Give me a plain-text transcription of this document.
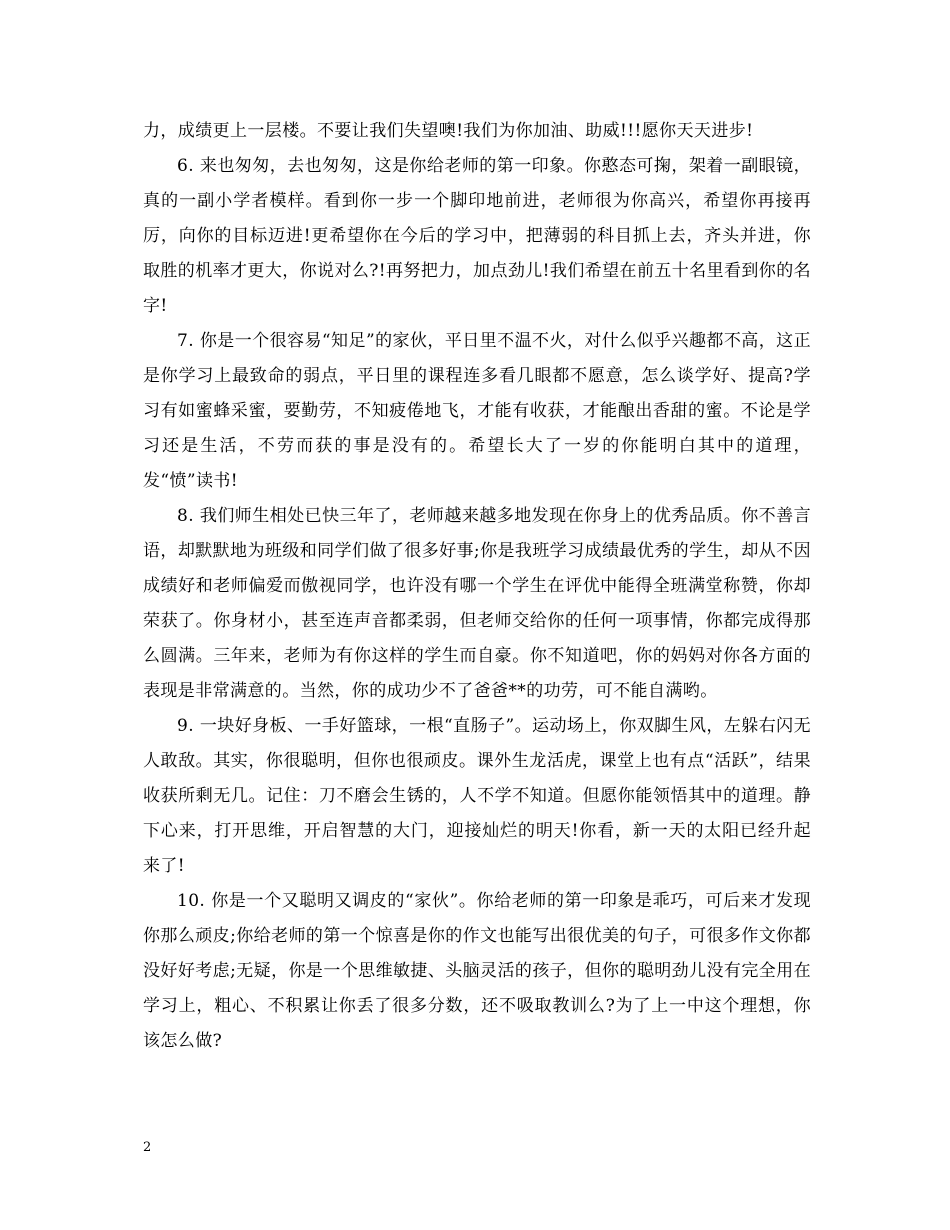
力，成绩更上一层楼。不要让我们失望噢!我们为你加油、助威!!!愿你天天进步!

6. 来也匆匆，去也匆匆，这是你给老师的第一印象。你憨态可掬，架着一副眼镜，真的一副小学者模样。看到你一步一个脚印地前进，老师很为你高兴，希望你再接再厉，向你的目标迈进!更希望你在今后的学习中，把薄弱的科目抓上去，齐头并进，你取胜的机率才更大，你说对么?!再努把力，加点劲儿!我们希望在前五十名里看到你的名字!

7. 你是一个很容易“知足”的家伙，平日里不温不火，对什么似乎兴趣都不高，这正是你学习上最致命的弱点，平日里的课程连多看几眼都不愿意，怎么谈学好、提高?学习有如蜜蜂采蜜，要勤劳，不知疲倦地飞，才能有收获，才能酿出香甜的蜜。不论是学习还是生活，不劳而获的事是没有的。希望长大了一岁的你能明白其中的道理，发“愤”读书!

8. 我们师生相处已快三年了，老师越来越多地发现在你身上的优秀品质。你不善言语，却默默地为班级和同学们做了很多好事;你是我班学习成绩最优秀的学生，却从不因成绩好和老师偏爱而傲视同学，也许没有哪一个学生在评优中能得全班满堂称赞，你却荣获了。你身材小，甚至连声音都柔弱，但老师交给你的任何一项事情，你都完成得那么圆满。三年来，老师为有你这样的学生而自豪。你不知道吧，你的妈妈对你各方面的表现是非常满意的。当然，你的成功少不了爸爸**的功劳，可不能自满哟。

9. 一块好身板、一手好篮球，一根“直肠子”。运动场上，你双脚生风，左躲右闪无人敢敌。其实，你很聪明，但你也很顽皮。课外生龙活虎，课堂上也有点“活跃”，结果收获所剩无几。记住：刀不磨会生锈的，人不学不知道。但愿你能领悟其中的道理。静下心来，打开思维，开启智慧的大门，迎接灿烂的明天!你看，新一天的太阳已经升起来了!

10. 你是一个又聪明又调皮的“家伙”。你给老师的第一印象是乖巧，可后来才发现你那么顽皮;你给老师的第一个惊喜是你的作文也能写出很优美的句子，可很多作文你都没好好考虑;无疑，你是一个思维敏捷、头脑灵活的孩子，但你的聪明劲儿没有完全用在学习上，粗心、不积累让你丢了很多分数，还不吸取教训么?为了上一中这个理想，你该怎么做?

2
